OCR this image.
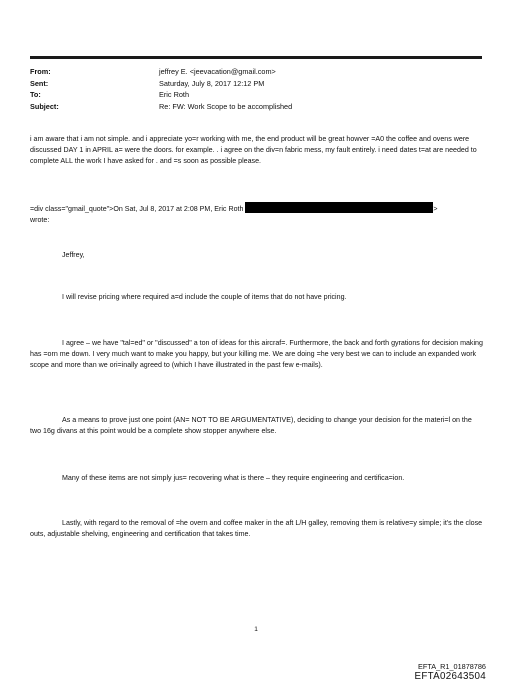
From:	jeffrey E. <jeevacation@gmail.com>
Sent:	Saturday, July 8, 2017 12:12 PM
To:	Eric Roth
Subject:	Re: FW: Work Scope to be accomplished

i am aware that i am not simple. and i appreciate yo=r working with me, the end product will be great howver =A0 the coffee and ovens were discussed DAY 1 in APRIL a= were the doors. for example. . i agree on the div=n fabric mess, my fault entirely. i need dates t=at are needed to complete ALL the work I have asked for . and =s soon as possible please.

=div class="gmail_quote">On Sat, Jul 8, 2017 at 2:08 PM, Eric Roth	>
wrote:

Jeffrey,

I will revise pricing where required a=d include the couple of items that do not have pricing.

I agree – we have "tal=ed" or "discussed" a ton of ideas for this aircraf=. Furthermore, the back and forth gyrations for decision making has =orn me down. I very much want to make you happy, but your killing me. We are doing =he very best we can to include an expanded work scope and more than we ori=inally agreed to (which I have illustrated in the past few e-mails).

As a means to prove just one point (AN= NOT TO BE ARGUMENTATIVE), deciding to change your decision for the materi=l on the two 16g divans at this point would be a complete show stopper anywhere else.

Many of these items are not simply jus= recovering what is there – they require engineering and certifica=ion.

Lastly, with regard to the removal of =he overn and coffee maker in the aft L/H galley, removing them is relative=y simple; it's the close outs, adjustable shelving, engineering and certification that takes time.

1
EFTA_R1_01878786
EFTA02643504
